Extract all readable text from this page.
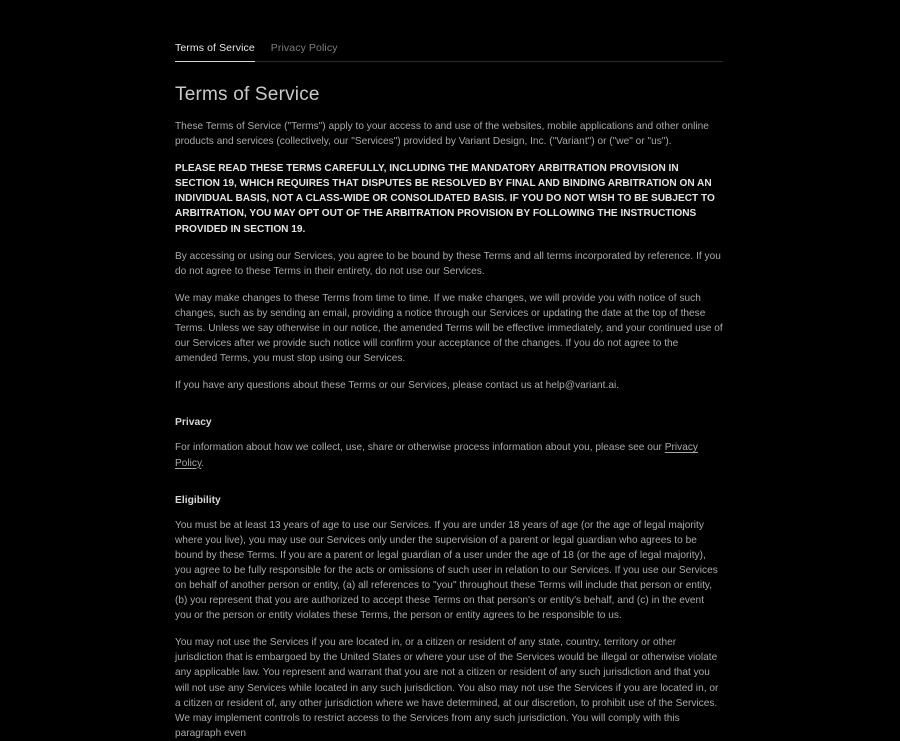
Terms of Service Privacy Policy
Terms of Service

These Terms of Service ("Terms") apply to your access to and use of the websites, mobile applications and other online products and services (collectively, our "Services") provided by Variant Design, Inc. ("Variant") or ("we" or "us").

PLEASE READ THESE TERMS CAREFULLY, INCLUDING THE MANDATORY ARBITRATION PROVISION IN SECTION 19, WHICH REQUIRES THAT DISPUTES BE RESOLVED BY FINAL AND BINDING ARBITRATION ON AN INDIVIDUAL BASIS, NOT A CLASS-WIDE OR CONSOLIDATED BASIS. IF YOU DO NOT WISH TO BE SUBJECT TO ARBITRATION, YOU MAY OPT OUT OF THE ARBITRATION PROVISION BY FOLLOWING THE INSTRUCTIONS PROVIDED IN SECTION 19.

By accessing or using our Services, you agree to be bound by these Terms and all terms incorporated by reference. If you do not agree to these Terms in their entirety, do not use our Services.

We may make changes to these Terms from time to time. If we make changes, we will provide you with notice of such changes, such as by sending an email, providing a notice through our Services or updating the date at the top of these Terms. Unless we say otherwise in our notice, the amended Terms will be effective immediately, and your continued use of our Services after we provide such notice will confirm your acceptance of the changes. If you do not agree to the amended Terms, you must stop using our Services.

If you have any questions about these Terms or our Services, please contact us at help@variant.ai.

Privacy

For information about how we collect, use, share or otherwise process information about you, please see our Privacy Policy.

Eligibility

You must be at least 13 years of age to use our Services. If you are under 18 years of age (or the age of legal majority where you live), you may use our Services only under the supervision of a parent or legal guardian who agrees to be bound by these Terms. If you are a parent or legal guardian of a user under the age of 18 (or the age of legal majority), you agree to be fully responsible for the acts or omissions of such user in relation to our Services. If you use our Services on behalf of another person or entity, (a) all references to "you" throughout these Terms will include that person or entity, (b) you represent that you are authorized to accept these Terms on that person's or entity's behalf, and (c) in the event you or the person or entity violates these Terms, the person or entity agrees to be responsible to us.

You may not use the Services if you are located in, or a citizen or resident of any state, country, territory or other jurisdiction that is embargoed by the United States or where your use of the Services would be illegal or otherwise violate any applicable law. You represent and warrant that you are not a citizen or resident of any such jurisdiction and that you will not use any Services while located in any such jurisdiction. You also may not use the Services if you are located in, or a citizen or resident of, any other jurisdiction where we have determined, at our discretion, to prohibit use of the Services. We may implement controls to restrict access to the Services from any such jurisdiction. You will comply with this paragraph even
